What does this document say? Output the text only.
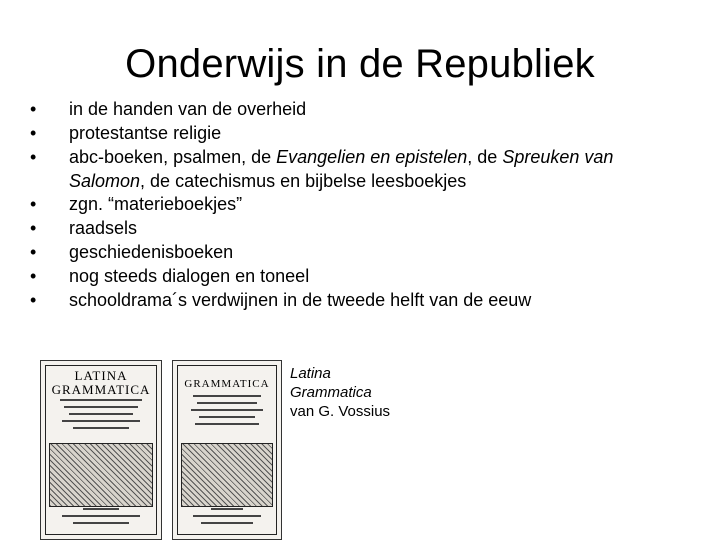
Onderwijs in de Republiek
• in de handen van de overheid
• protestantse religie
• abc-boeken, psalmen, de Evangelien en epistelen, de Spreuken van
Salomon, de catechismus en bijbelse leesboekjes
• zgn. “materieboekjes”
• raadsels
• geschiedenisboeken
• nog steeds dialogen en toneel
• schooldrama´s verdwijnen in de tweede helft van de eeuw
LATINA GRAMMATICA	GRAMMATICA
Latina
Grammatica
van G. Vossius
